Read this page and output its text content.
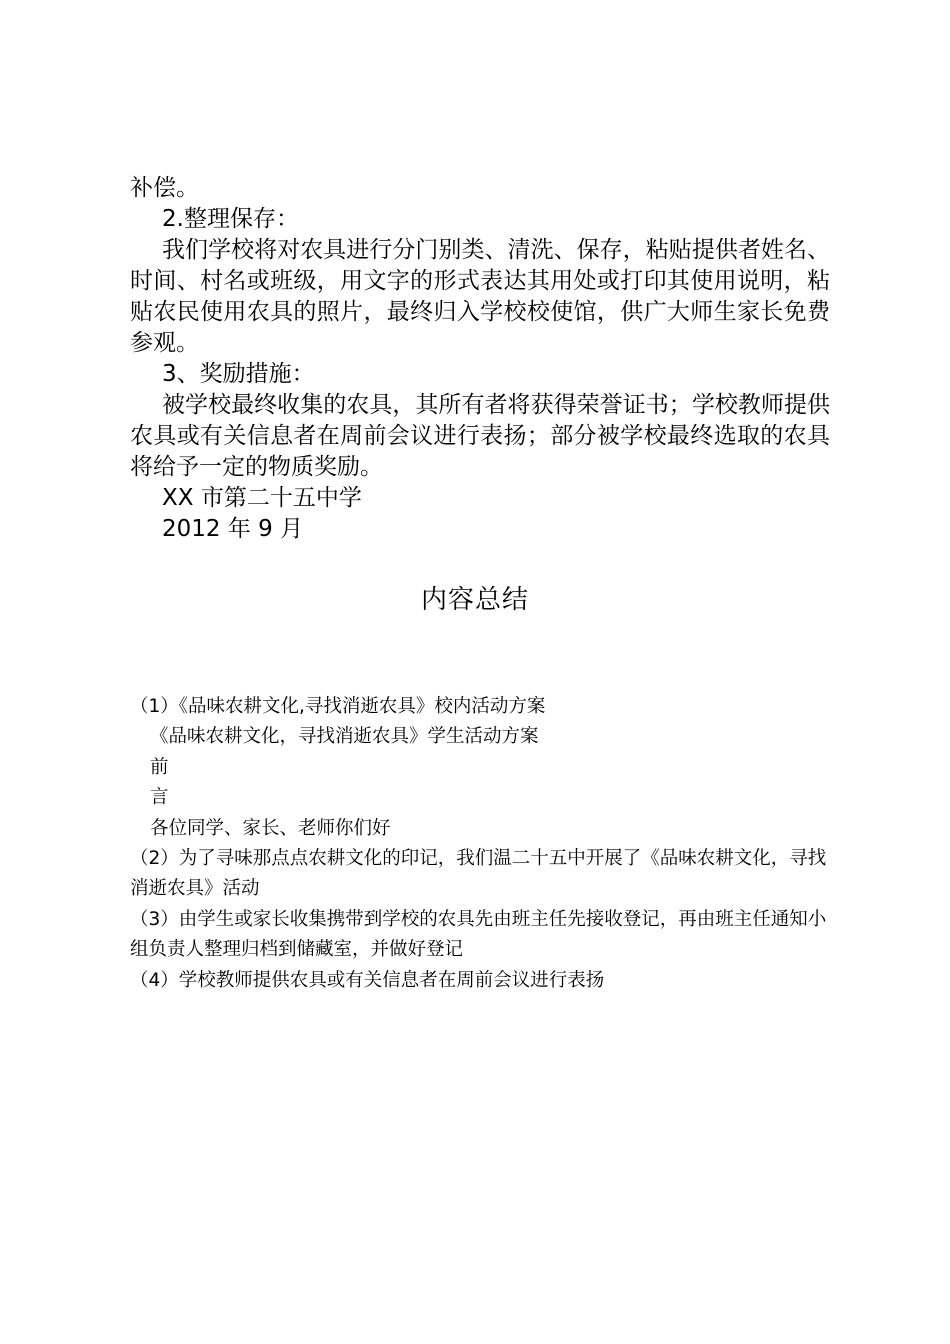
补偿。

2.整理保存：

我们学校将对农具进行分门别类、清洗、保存，粘贴提供者姓名、时间、村名或班级，用文字的形式表达其用处或打印其使用说明，粘贴农民使用农具的照片，最终归入学校校使馆，供广大师生家长免费参观。

3、奖励措施：

被学校最终收集的农具，其所有者将获得荣誉证书；学校教师提供农具或有关信息者在周前会议进行表扬；部分被学校最终选取的农具将给予一定的物质奖励。

XX 市第二十五中学

2012 年 9 月

内容总结

（1）《品味农耕文化,寻找消逝农具》校内活动方案

《品味农耕文化，寻找消逝农具》学生活动方案

前

言

各位同学、家长、老师你们好

（2）为了寻味那点点农耕文化的印记，我们温二十五中开展了《品味农耕文化，寻找消逝农具》活动

（3）由学生或家长收集携带到学校的农具先由班主任先接收登记，再由班主任通知小组负责人整理归档到储藏室，并做好登记

（4）学校教师提供农具或有关信息者在周前会议进行表扬
